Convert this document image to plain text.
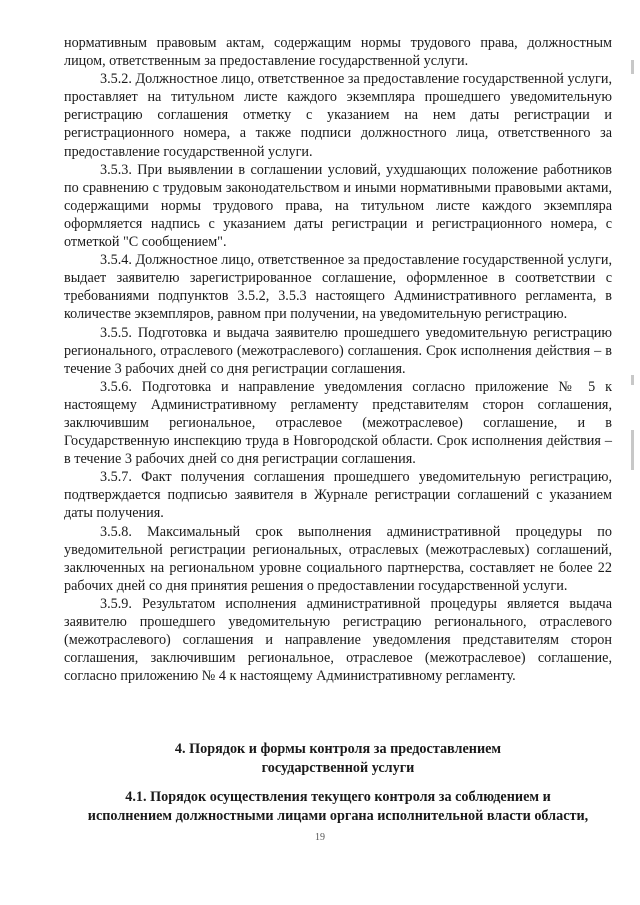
нормативным правовым актам, содержащим нормы трудового права, должностным лицом, ответственным за предоставление государственной услуги.

3.5.2. Должностное лицо, ответственное за предоставление государственной услуги, проставляет на титульном листе каждого экземпляра прошедшего уведомительную регистрацию соглашения отметку с указанием на нем даты регистрации и регистрационного номера, а также подписи должностного лица, ответственного за предоставление государственной услуги.

3.5.3. При выявлении в соглашении условий, ухудшающих положение работников по сравнению с трудовым законодательством и иными нормативными правовыми актами, содержащими нормы трудового права, на титульном листе каждого экземпляра оформляется надпись с указанием даты регистрации и регистрационного номера, с отметкой "С сообщением".

3.5.4. Должностное лицо, ответственное за предоставление государственной услуги, выдает заявителю зарегистрированное соглашение, оформленное в соответствии с требованиями подпунктов 3.5.2, 3.5.3 настоящего Административного регламента, в количестве экземпляров, равном при получении, на уведомительную регистрацию.

3.5.5. Подготовка и выдача заявителю прошедшего уведомительную регистрацию регионального, отраслевого (межотраслевого) соглашения. Срок исполнения действия – в течение 3 рабочих дней со дня регистрации соглашения.

3.5.6. Подготовка и направление уведомления согласно приложение № 5 к настоящему Административному регламенту представителям сторон соглашения, заключившим региональное, отраслевое (межотраслевое) соглашение, и в Государственную инспекцию труда в Новгородской области. Срок исполнения действия – в течение 3 рабочих дней со дня регистрации соглашения.

3.5.7. Факт получения соглашения прошедшего уведомительную регистрацию, подтверждается подписью заявителя в Журнале регистрации соглашений с указанием даты получения.

3.5.8. Максимальный срок выполнения административной процедуры по уведомительной регистрации региональных, отраслевых (межотраслевых) соглашений, заключенных на региональном уровне социального партнерства, составляет не более 22 рабочих дней со дня принятия решения о предоставлении государственной услуги.

3.5.9. Результатом исполнения административной процедуры является выдача заявителю прошедшего уведомительную регистрацию регионального, отраслевого (межотраслевого) соглашения и направление уведомления представителям сторон соглашения, заключившим региональное, отраслевое (межотраслевое) соглашение, согласно приложению № 4 к настоящему Административному регламенту.

4. Порядок и формы контроля за предоставлением
государственной услуги
4.1. Порядок осуществления текущего контроля за соблюдением и
исполнением должностными лицами органа исполнительной власти области,
19
